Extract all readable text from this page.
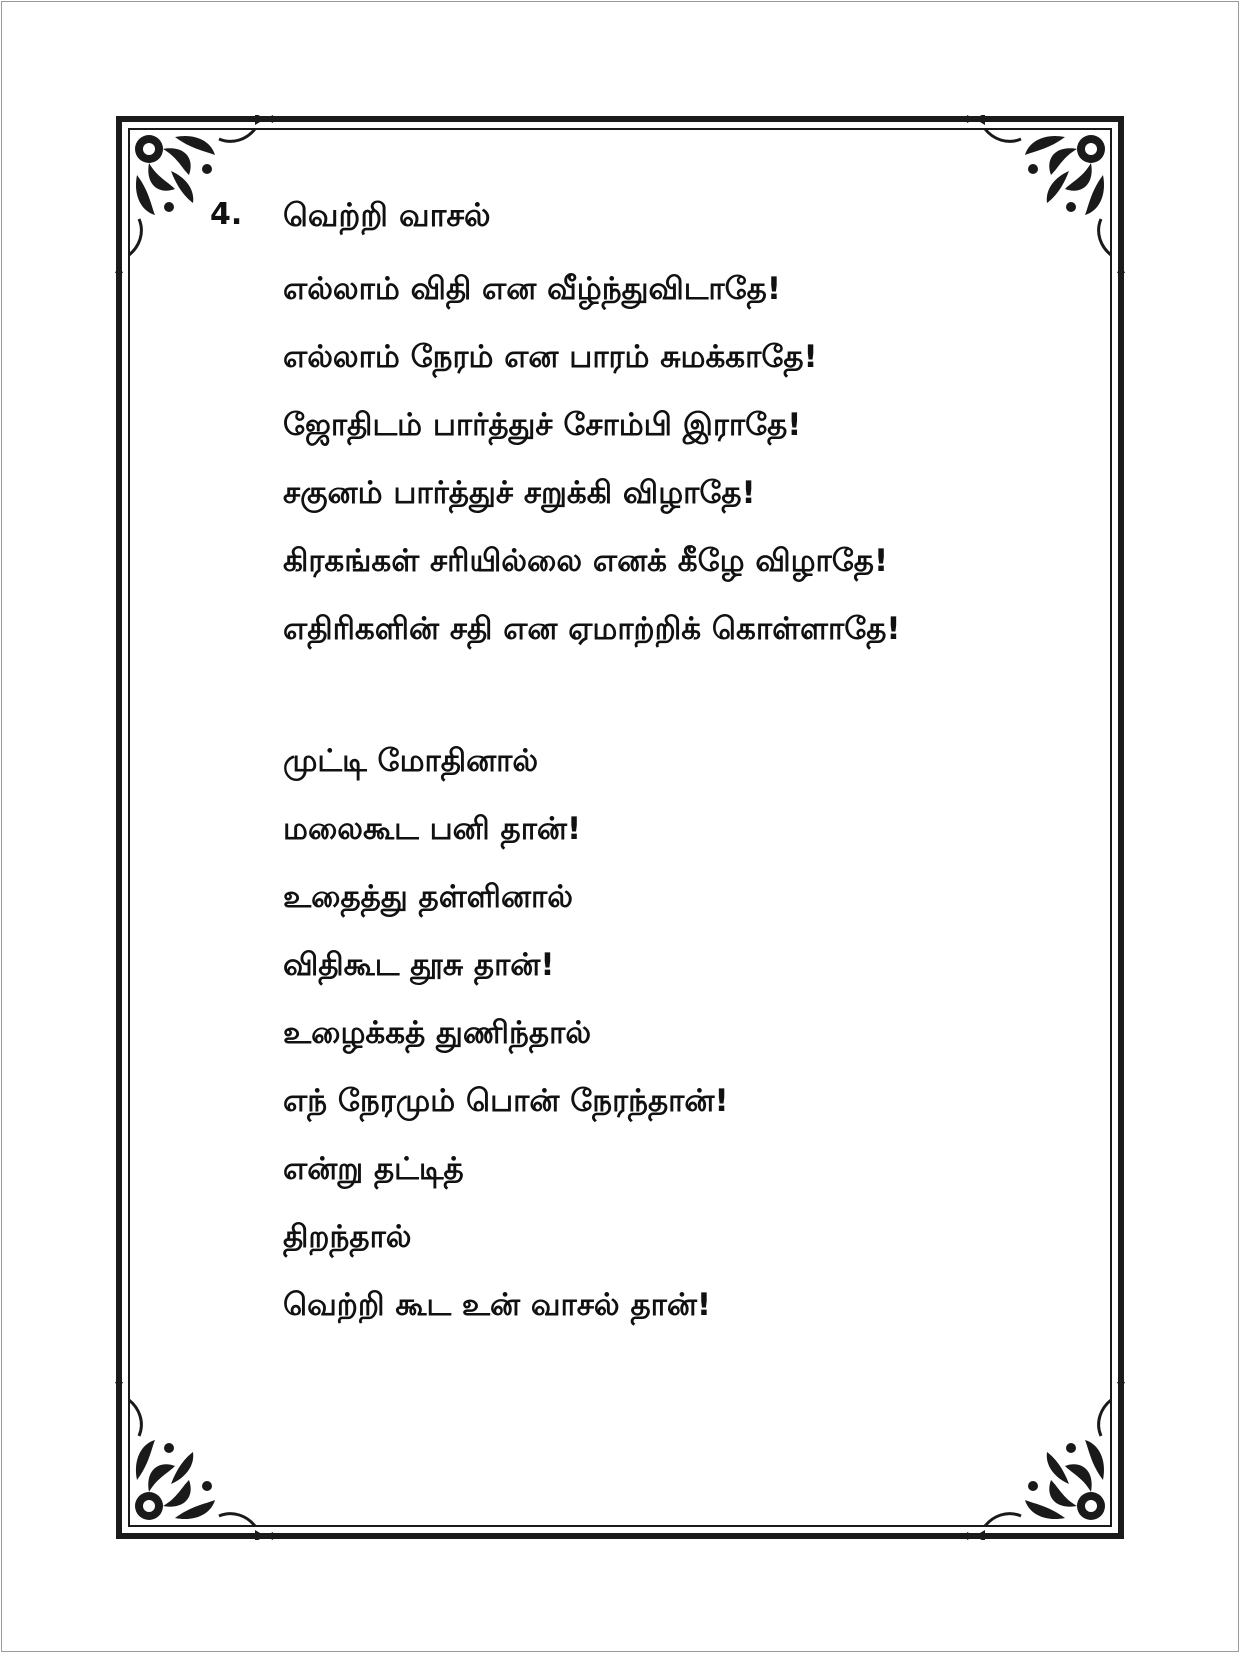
4. வெற்றி வாசல்
எல்லாம் விதி என வீழ்ந்துவிடாதே!
எல்லாம் நேரம் என பாரம் சுமக்காதே!
ஜோதிடம் பார்த்துச் சோம்பி இராதே!
சகுனம் பார்த்துச் சறுக்கி விழாதே!
கிரகங்கள் சரியில்லை எனக் கீழே விழாதே!
எதிரிகளின் சதி என ஏமாற்றிக் கொள்ளாதே!
முட்டி மோதினால்
மலைகூட பனி தான்!
உதைத்து தள்ளினால்
விதிகூட தூசு தான்!
உழைக்கத் துணிந்தால்
எந் நேரமும் பொன் நேரந்தான்!
என்று தட்டித்
திறந்தால்
வெற்றி கூட உன் வாசல் தான்!
